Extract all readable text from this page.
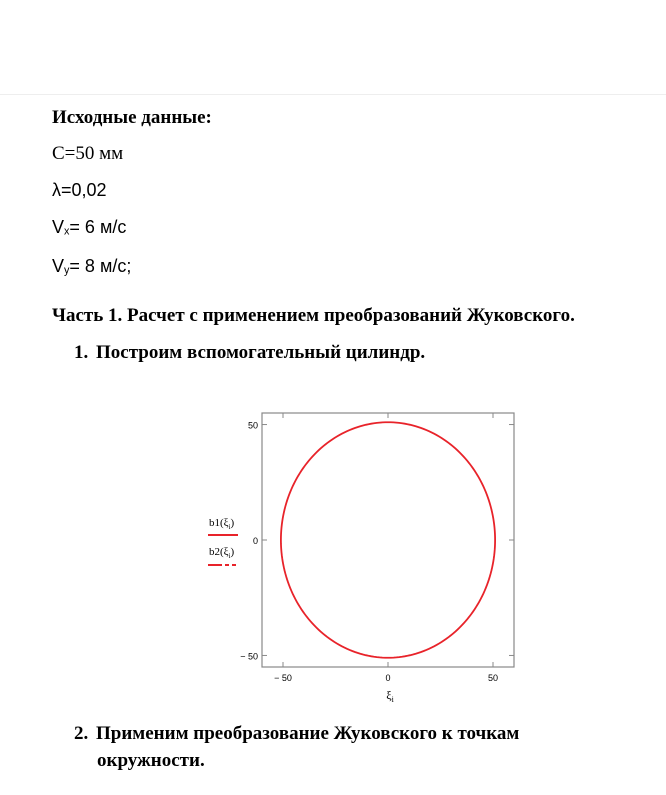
Исходные данные:
C=50 мм
λ=0,02
$V_x= 6$ м/с
$V_y= 8$ м/с;
Часть 1. Расчет с применением преобразований Жуковского.
1. Построим вспомогательный цилиндр.
50
0
− 50
− 50	0	50
$\xi_i$
$b1(\xi_i)$
$b2(\xi_i)$
2. Применим преобразование Жуковского к точкам
окружности.
